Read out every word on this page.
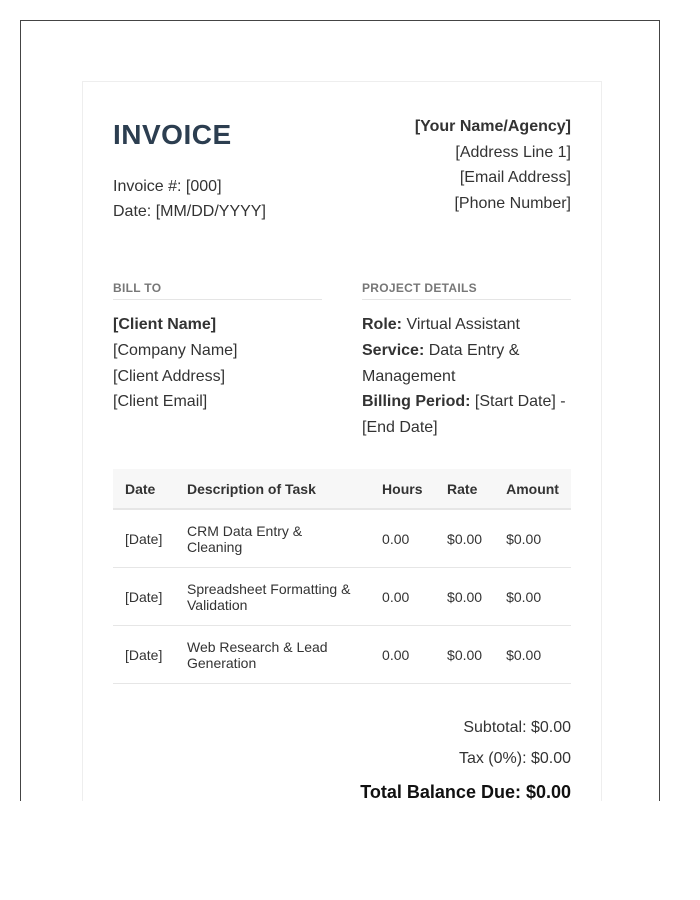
INVOICE
Invoice #: [000]
Date: [MM/DD/YYYY]
[Your Name/Agency]
[Address Line 1]
[Email Address]
[Phone Number]
BILL TO
[Client Name]
[Company Name]
[Client Address]
[Client Email]
PROJECT DETAILS
Role: Virtual Assistant
Service: Data Entry & Management
Billing Period: [Start Date] - [End Date]
Date	Description of Task	Hours	Rate	Amount
[Date]	CRM Data Entry & Cleaning	0.00	$0.00	$0.00
[Date]	Spreadsheet Formatting & Validation	0.00	$0.00	$0.00
[Date]	Web Research & Lead Generation	0.00	$0.00	$0.00
Subtotal: $0.00
Tax (0%): $0.00
Total Balance Due: $0.00
